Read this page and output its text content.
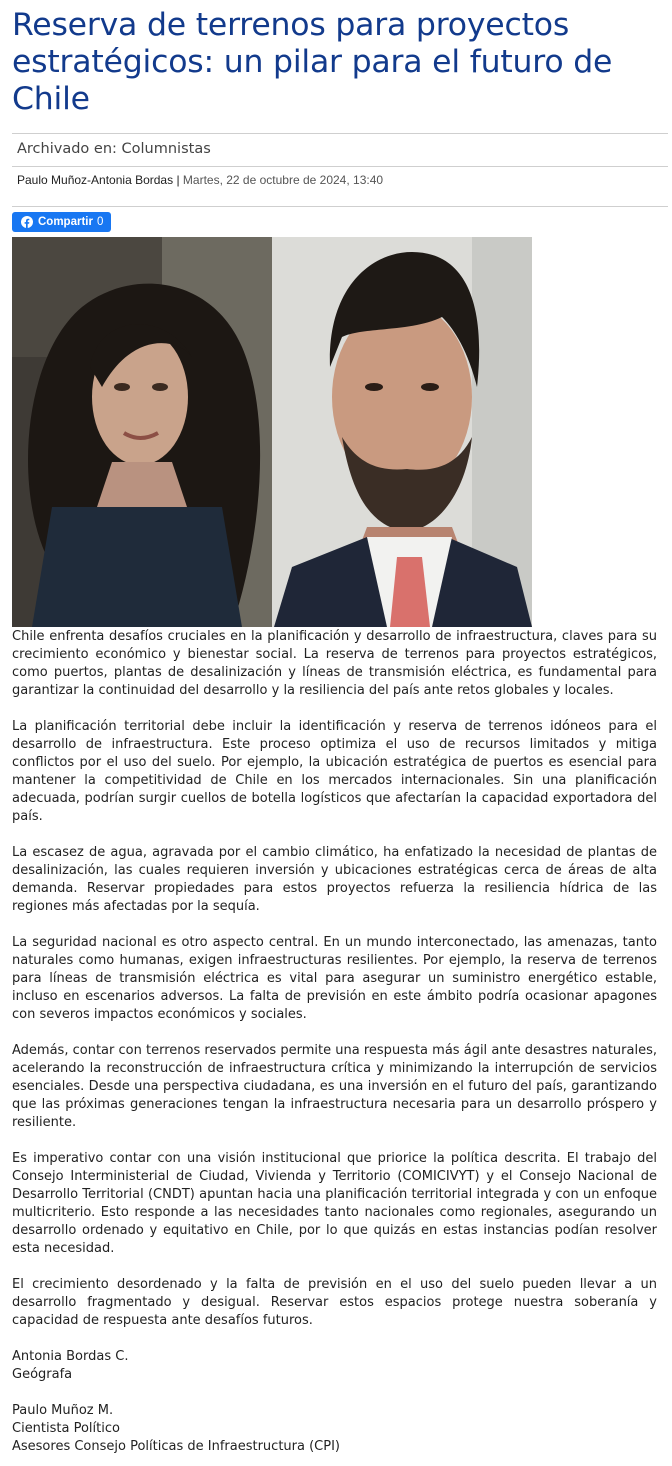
Reserva de terrenos para proyectos estratégicos: un pilar para el futuro de Chile
Archivado en: Columnistas
Paulo Muñoz-Antonia Bordas | Martes, 22 de octubre de 2024, 13:40
Compartir 0

Chile enfrenta desafíos cruciales en la planificación y desarrollo de infraestructura, claves para su crecimiento económico y bienestar social. La reserva de terrenos para proyectos estratégicos, como puertos, plantas de desalinización y líneas de transmisión eléctrica, es fundamental para garantizar la continuidad del desarrollo y la resiliencia del país ante retos globales y locales.

La planificación territorial debe incluir la identificación y reserva de terrenos idóneos para el desarrollo de infraestructura. Este proceso optimiza el uso de recursos limitados y mitiga conflictos por el uso del suelo. Por ejemplo, la ubicación estratégica de puertos es esencial para mantener la competitividad de Chile en los mercados internacionales. Sin una planificación adecuada, podrían surgir cuellos de botella logísticos que afectarían la capacidad exportadora del país.

La escasez de agua, agravada por el cambio climático, ha enfatizado la necesidad de plantas de desalinización, las cuales requieren inversión y ubicaciones estratégicas cerca de áreas de alta demanda. Reservar propiedades para estos proyectos refuerza la resiliencia hídrica de las regiones más afectadas por la sequía.

La seguridad nacional es otro aspecto central. En un mundo interconectado, las amenazas, tanto naturales como humanas, exigen infraestructuras resilientes. Por ejemplo, la reserva de terrenos para líneas de transmisión eléctrica es vital para asegurar un suministro energético estable, incluso en escenarios adversos. La falta de previsión en este ámbito podría ocasionar apagones con severos impactos económicos y sociales.

Además, contar con terrenos reservados permite una respuesta más ágil ante desastres naturales, acelerando la reconstrucción de infraestructura crítica y minimizando la interrupción de servicios esenciales. Desde una perspectiva ciudadana, es una inversión en el futuro del país, garantizando que las próximas generaciones tengan la infraestructura necesaria para un desarrollo próspero y resiliente.

Es imperativo contar con una visión institucional que priorice la política descrita. El trabajo del Consejo Interministerial de Ciudad, Vivienda y Territorio (COMICIVYT) y el Consejo Nacional de Desarrollo Territorial (CNDT) apuntan hacia una planificación territorial integrada y con un enfoque multicriterio. Esto responde a las necesidades tanto nacionales como regionales, asegurando un desarrollo ordenado y equitativo en Chile, por lo que quizás en estas instancias podían resolver esta necesidad.

El crecimiento desordenado y la falta de previsión en el uso del suelo pueden llevar a un desarrollo fragmentado y desigual. Reservar estos espacios protege nuestra soberanía y capacidad de respuesta ante desafíos futuros.

Antonia Bordas C.
Geógrafa
Paulo Muñoz M.
Cientista Político
Asesores Consejo Políticas de Infraestructura (CPI)
